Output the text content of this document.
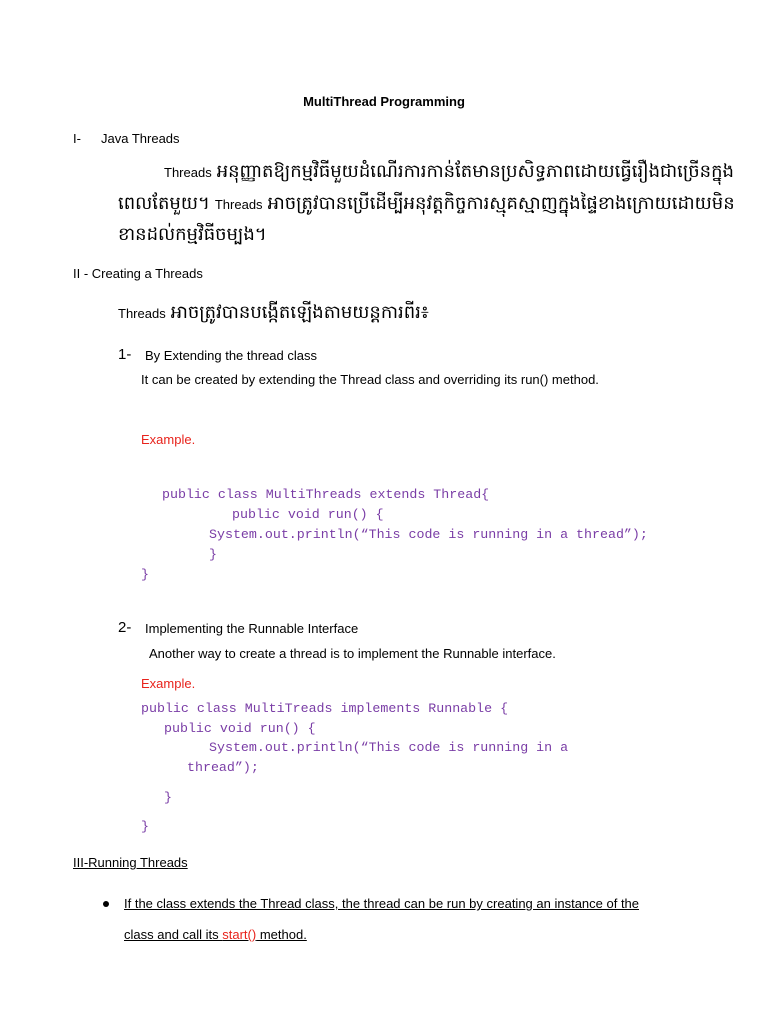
MultiThread Programming
I- Java Threads
Threads អនុញ្ញាតឱ្យកម្មវិធីមួយដំណើរការកាន់តែមានប្រសិទ្ធភាពដោយធ្វើរឿងជាច្រើនក្នុង
ពេលតែមួយ។ Threads អាចត្រូវបានប្រើដើម្បីអនុវត្តកិច្ចការស្មុគស្មាញក្នុងផ្ទៃខាងក្រោយដោយមិន
ខានដល់កម្មវិធីចម្បង។
II - Creating a Threads
Threads អាចត្រូវបានបង្កើតឡើងតាមយន្តការពីរ៖
1- By Extending the thread class
It can be created by extending the Thread class and overriding its run() method.
Example.
public class MultiThreads extends Thread{
public void run() {
System.out.println(“This code is running in a thread”);
}
}
2- Implementing the Runnable Interface
Another way to create a thread is to implement the Runnable interface.
Example.
public class MultiTreads implements Runnable {
public void run() {
System.out.println(“This code is running in a
thread”);
}
}
III-Running Threads
If the class extends the Thread class, the thread can be run by creating an instance of the
class and call its start() method.
